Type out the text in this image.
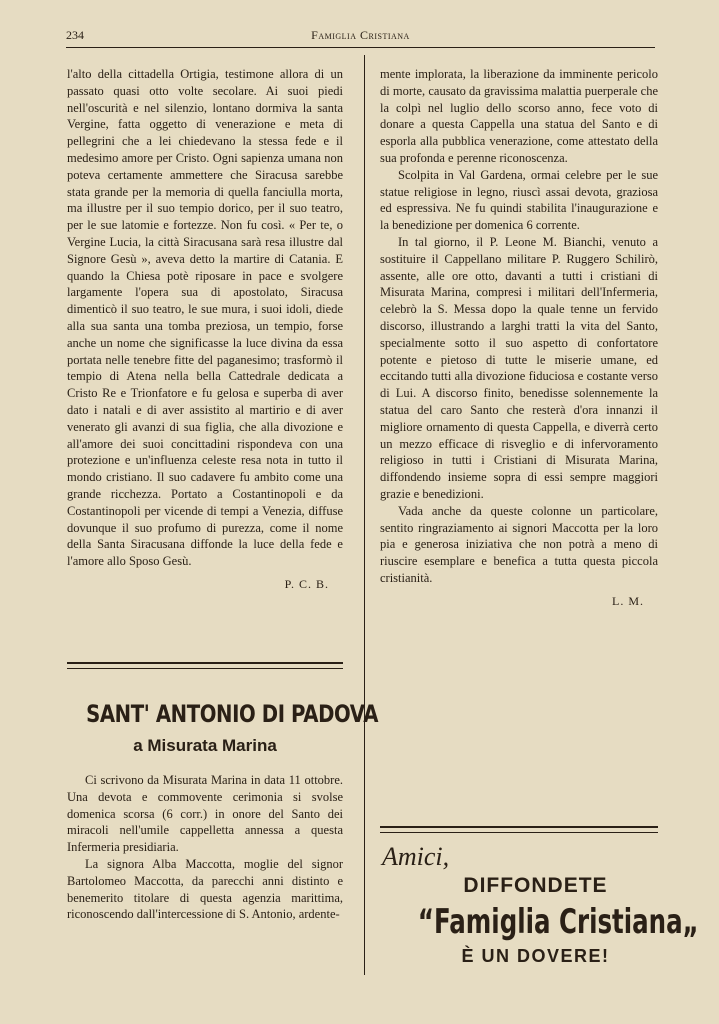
234	Famiglia Cristiana

l'alto della cittadella Ortigia, testimone allora di un passato quasi otto volte secolare. Ai suoi piedi nell'oscurità e nel silenzio, lontano dormiva la santa Vergine, fatta oggetto di venerazione e meta di pellegrini che a lei chiedevano la stessa fede e il medesimo amore per Cristo. Ogni sapienza umana non poteva certamente ammettere che Siracusa sarebbe stata grande per la memoria di quella fanciulla morta, ma illustre per il suo tempio dorico, per il suo teatro, per le sue latomie e fortezze. Non fu così. « Per te, o Vergine Lucia, la città Siracusana sarà resa illustre dal Signore Gesù », aveva detto la martire di Catania. E quando la Chiesa potè riposare in pace e svolgere largamente l'opera sua di apostolato, Siracusa dimenticò il suo teatro, le sue mura, i suoi idoli, diede alla sua santa una tomba preziosa, un tempio, forse anche un nome che significasse la luce divina da essa portata nelle tenebre fitte del paganesimo; trasformò il tempio di Atena nella bella Cattedrale dedicata a Cristo Re e Trionfatore e fu gelosa e superba di aver dato i natali e di aver assistito al martirio e di aver venerato gli avanzi di sua figlia, che alla divozione e all'amore dei suoi concittadini rispondeva con una protezione e un'influenza celeste resa nota in tutto il mondo cristiano. Il suo cadavere fu ambito come una grande ricchezza. Portato a Costantinopoli e da Costantinopoli per vicende di tempi a Venezia, diffuse dovunque il suo profumo di purezza, come il nome della Santa Siracusana diffonde la luce della fede e l'amore allo Sposo Gesù.

P. C. B.

SANT' ANTONIO DI PADOVA
a Misurata Marina

Ci scrivono da Misurata Marina in data 11 ottobre. Una devota e commovente cerimonia si svolse domenica scorsa (6 corr.) in onore del Santo dei miracoli nell'umile cappelletta annessa a questa Infermeria presidiaria.

La signora Alba Maccotta, moglie del signor Bartolomeo Maccotta, da parecchi anni distinto e benemerito titolare di questa agenzia marittima, riconoscendo dall'intercessione di S. Antonio, ardente-

mente implorata, la liberazione da imminente pericolo di morte, causato da gravissima malattia puerperale che la colpì nel luglio dello scorso anno, fece voto di donare a questa Cappella una statua del Santo e di esporla alla pubblica venerazione, come attestato della sua profonda e perenne riconoscenza.

Scolpita in Val Gardena, ormai celebre per le sue statue religiose in legno, riuscì assai devota, graziosa ed espressiva. Ne fu quindi stabilita l'inaugurazione e la benedizione per domenica 6 corrente.

In tal giorno, il P. Leone M. Bianchi, venuto a sostituire il Cappellano militare P. Ruggero Schilirò, assente, alle ore otto, davanti a tutti i cristiani di Misurata Marina, compresi i militari dell'Infermeria, celebrò la S. Messa dopo la quale tenne un fervido discorso, illustrando a larghi tratti la vita del Santo, specialmente sotto il suo aspetto di confortatore potente e pietoso di tutte le miserie umane, ed eccitando tutti alla divozione fiduciosa e costante verso di Lui. A discorso finito, benedisse solennemente la statua del caro Santo che resterà d'ora innanzi il migliore ornamento di questa Cappella, e diverrà certo un mezzo efficace di risveglio e di infervoramento religioso in tutti i Cristiani di Misurata Marina, diffondendo insieme sopra di essi sempre maggiori grazie e benedizioni.

Vada anche da queste colonne un particolare, sentito ringraziamento ai signori Maccotta per la loro pia e generosa iniziativa che non potrà a meno di riuscire esemplare e benefica a tutta questa piccola cristianità.

L. M.

Amici,
DIFFONDETE
“Famiglia Cristiana„
È UN DOVERE!
